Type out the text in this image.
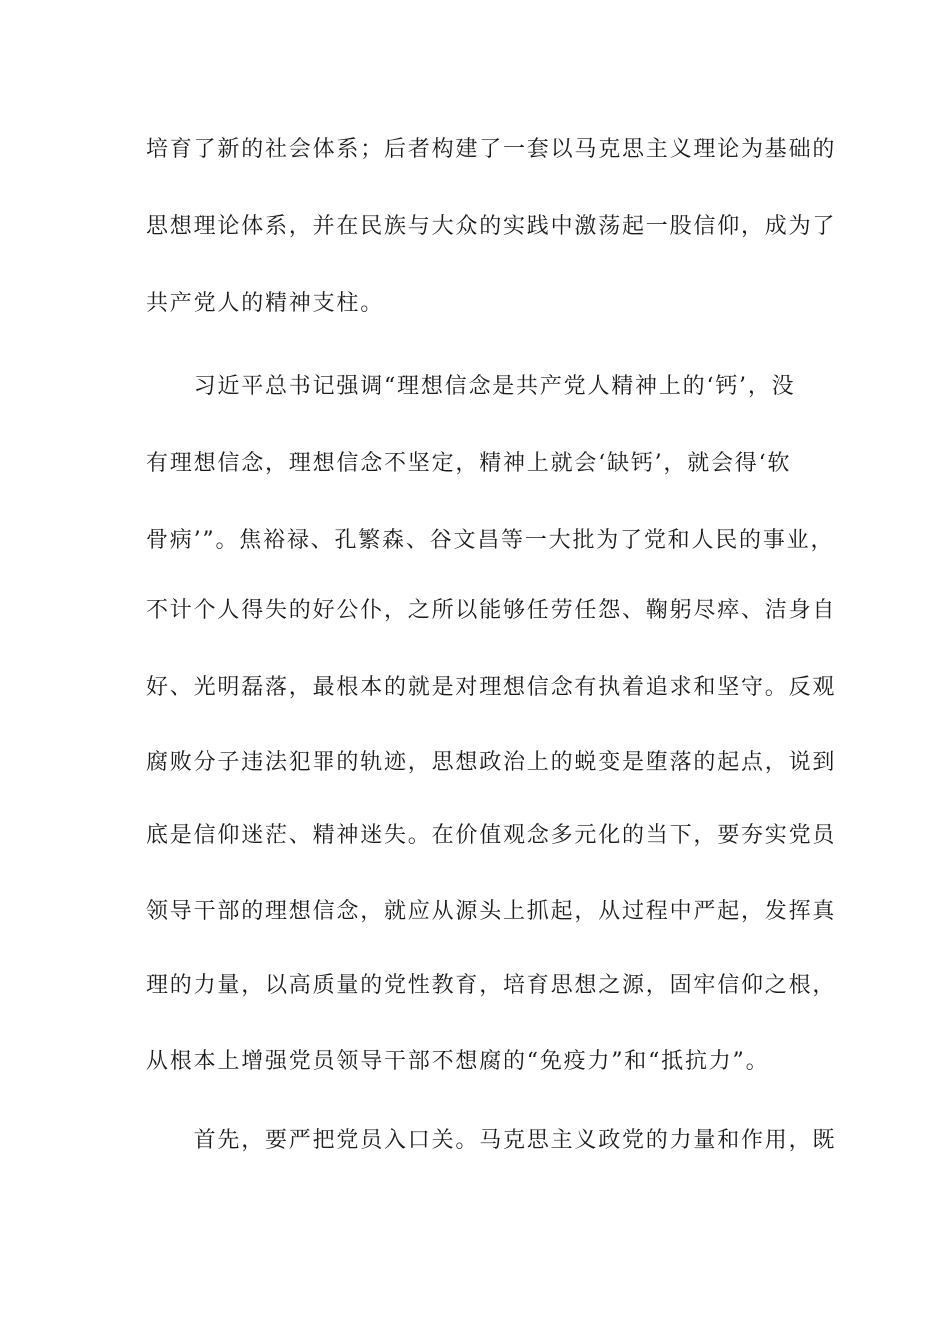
培育了新的社会体系；后者构建了一套以马克思主义理论为基础的
思想理论体系，并在民族与大众的实践中激荡起一股信仰，成为了
共产党人的精神支柱。
　　习近平总书记强调“理想信念是共产党人精神上的‘钙’，没
有理想信念，理想信念不坚定，精神上就会‘缺钙’，就会得‘软
骨病’”。焦裕禄、孔繁森、谷文昌等一大批为了党和人民的事业，
不计个人得失的好公仆，之所以能够任劳任怨、鞠躬尽瘁、洁身自
好、光明磊落，最根本的就是对理想信念有执着追求和坚守。反观
腐败分子违法犯罪的轨迹，思想政治上的蜕变是堕落的起点，说到
底是信仰迷茫、精神迷失。在价值观念多元化的当下，要夯实党员
领导干部的理想信念，就应从源头上抓起，从过程中严起，发挥真
理的力量，以高质量的党性教育，培育思想之源，固牢信仰之根，
从根本上增强党员领导干部不想腐的“免疫力”和“抵抗力”。
　　首先，要严把党员入口关。马克思主义政党的力量和作用，既
